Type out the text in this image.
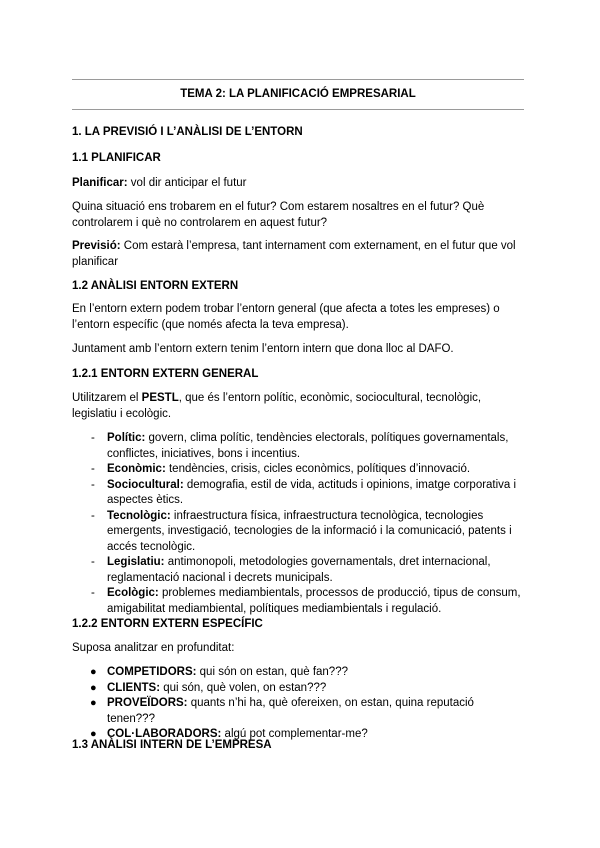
TEMA 2: LA PLANIFICACIÓ EMPRESARIAL
1. LA PREVISIÓ I L’ANÀLISI DE L’ENTORN
1.1 PLANIFICAR
Planificar: vol dir anticipar el futur
Quina situació ens trobarem en el futur? Com estarem nosaltres en el futur? Què controlarem i què no controlarem en aquest futur?
Previsió: Com estarà l’empresa, tant internament com externament, en el futur que vol planificar
1.2 ANÀLISI ENTORN EXTERN
En l’entorn extern podem trobar l’entorn general (que afecta a totes les empreses) o l’entorn específic (que només afecta la teva empresa).
Juntament amb l’entorn extern tenim l’entorn intern que dona lloc al DAFO.
1.2.1 ENTORN EXTERN GENERAL
Utilitzarem el PESTL, que és l’entorn polític, econòmic, sociocultural, tecnològic, legislatiu i ecològic.
- Polític: govern, clima polític, tendències electorals, polítiques governamentals, conflictes, iniciatives, bons i incentius.
- Econòmic: tendències, crisis, cicles econòmics, polítiques d’innovació.
- Sociocultural: demografia, estil de vida, actituds i opinions, imatge corporativa i aspectes ètics.
- Tecnològic: infraestructura física, infraestructura tecnològica, tecnologies emergents, investigació, tecnologies de la informació i la comunicació, patents i accés tecnològic.
- Legislatiu: antimonopoli, metodologies governamentals, dret internacional, reglamentació nacional i decrets municipals.
- Ecològic: problemes mediambientals, processos de producció, tipus de consum, amigabilitat mediambiental, polítiques mediambientals i regulació.
1.2.2 ENTORN EXTERN ESPECÍFIC
Suposa analitzar en profunditat:
● COMPETIDORS: qui són on estan, què fan???
● CLIENTS: qui són, què volen, on estan???
● PROVEÏDORS: quants n’hi ha, què ofereixen, on estan, quina reputació tenen???
● COL·LABORADORS: algú pot complementar-me?
1.3 ANÀLISI INTERN DE L’EMPRESA
